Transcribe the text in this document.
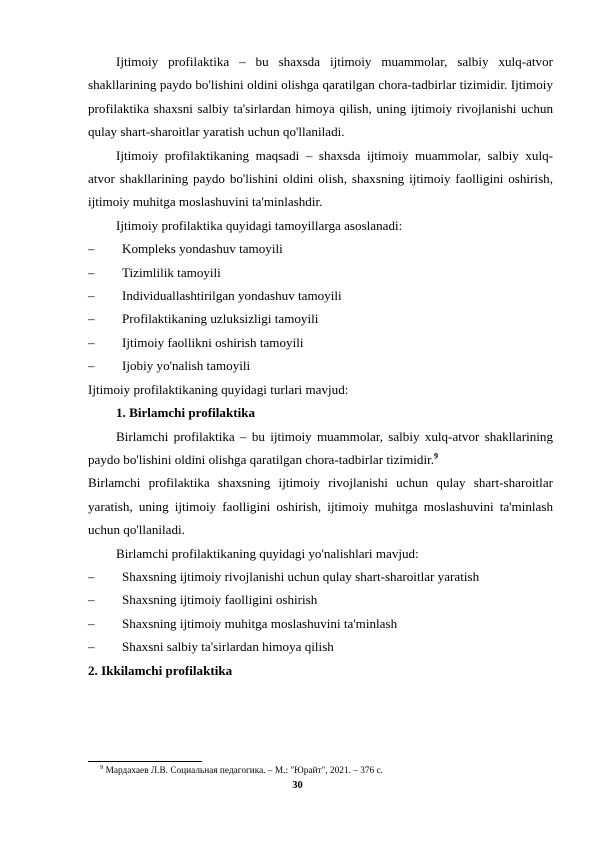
Ijtimoiy profilaktika – bu shaxsda ijtimoiy muammolar, salbiy xulq-atvor shakllarining paydo bo'lishini oldini olishga qaratilgan chora-tadbirlar tizimidir. Ijtimoiy profilaktika shaxsni salbiy ta'sirlardan himoya qilish, uning ijtimoiy rivojlanishi uchun qulay shart-sharoitlar yaratish uchun qo'llaniladi.

Ijtimoiy profilaktikaning maqsadi – shaxsda ijtimoiy muammolar, salbiy xulq-atvor shakllarining paydo bo'lishini oldini olish, shaxsning ijtimoiy faolligini oshirish, ijtimoiy muhitga moslashuvini ta'minlashdir.

Ijtimoiy profilaktika quyidagi tamoyillarga asoslanadi:

–	Kompleks yondashuv tamoyili
–	Tizimlilik tamoyili
–	Individuallashtirilgan yondashuv tamoyili
–	Profilaktikaning uzluksizligi tamoyili
–	Ijtimoiy faollikni oshirish tamoyili
–	Ijobiy yo'nalish tamoyili

Ijtimoiy profilaktikaning quyidagi turlari mavjud:

1. Birlamchi profilaktika

Birlamchi profilaktika – bu ijtimoiy muammolar, salbiy xulq-atvor shakllarining paydo bo'lishini oldini olishga qaratilgan chora-tadbirlar tizimidir.$^9$

Birlamchi profilaktika shaxsning ijtimoiy rivojlanishi uchun qulay shart-sharoitlar yaratish, uning ijtimoiy faolligini oshirish, ijtimoiy muhitga moslashuvini ta'minlash uchun qo'llaniladi.

Birlamchi profilaktikaning quyidagi yo'nalishlari mavjud:

–	Shaxsning ijtimoiy rivojlanishi uchun qulay shart-sharoitlar yaratish
–	Shaxsning ijtimoiy faolligini oshirish
–	Shaxsning ijtimoiy muhitga moslashuvini ta'minlash
–	Shaxsni salbiy ta'sirlardan himoya qilish

2. Ikkilamchi profilaktika

$^9$ Мардахаев Л.В. Социальная педагогика. – М.: "Юрайт", 2021. – 376 с.
30
